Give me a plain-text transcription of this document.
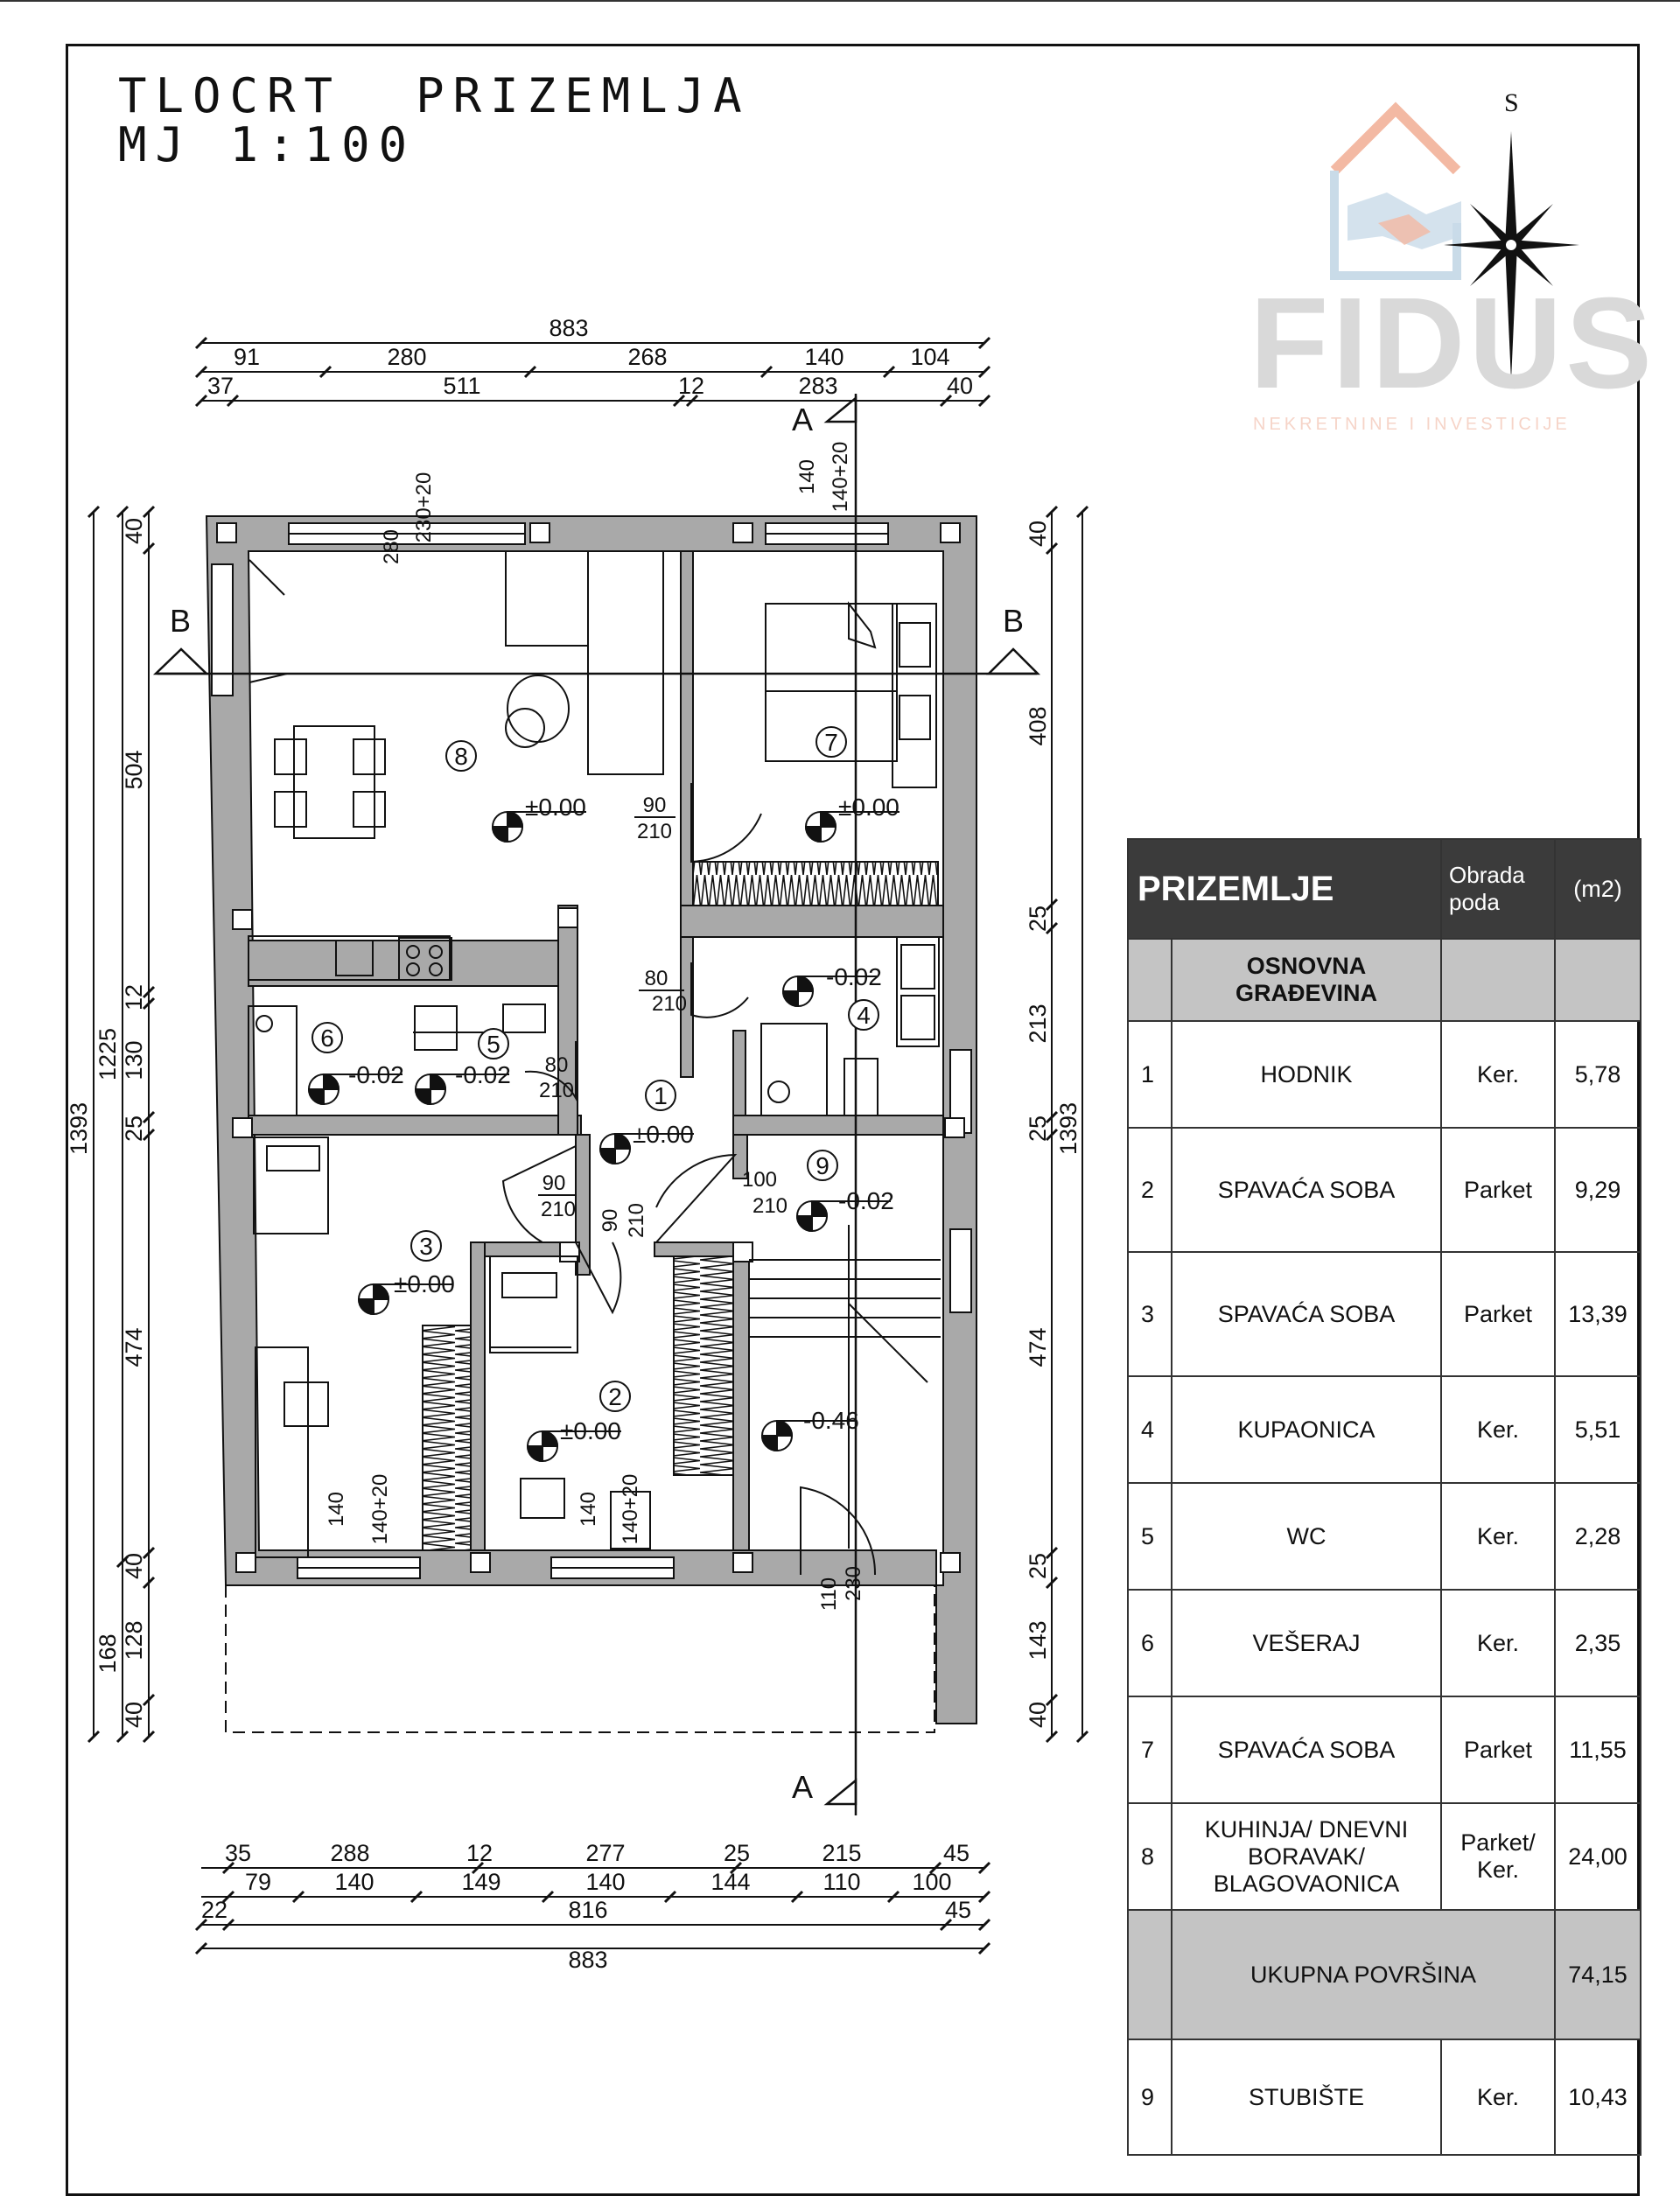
TLOCRT  PRIZEMLJA
MJ 1:100
S
FIDUS
NEKRETNINE I INVESTICIJE
883
91	280	268	140	104
37	511	12	283	40
35	288	12	277	25	215	45
79	140	149	140	144	110 100
22	816	45
883
1393
1225
168
40
504
12
130
25
474
40
128
40
1393
40
408
25
213
25
474
25
143
40
A
A
B	B
1
2
3
4
5
6
7
8
9
±0.00	±0.00
-0.02
-0.02 -0.02
±0.00
-0.02
±0.00
±0.00	-0.46
280
230+20	140 140+20
90
210
80
210
80
210
90
210 90 210
100
210
140 140+20	140 140+20
110 230
PRIZEMLJE		Obrada poda	(m2)
	OSNOVNA GRAĐEVINA		
1	HODNIK	Ker.	5,78
2	SPAVAĆA SOBA	Parket	9,29
3	SPAVAĆA SOBA	Parket	13,39
4	KUPAONICA	Ker.	5,51
5	WC	Ker.	2,28
6	VEŠERAJ	Ker.	2,35
7	SPAVAĆA SOBA	Parket	11,55
8	KUHINJA/ DNEVNI BORAVAK/ BLAGOVAONICA	Parket/ Ker.	24,00
	UKUPNA POVRŠINA		74,15
9	STUBIŠTE	Ker.	10,43
